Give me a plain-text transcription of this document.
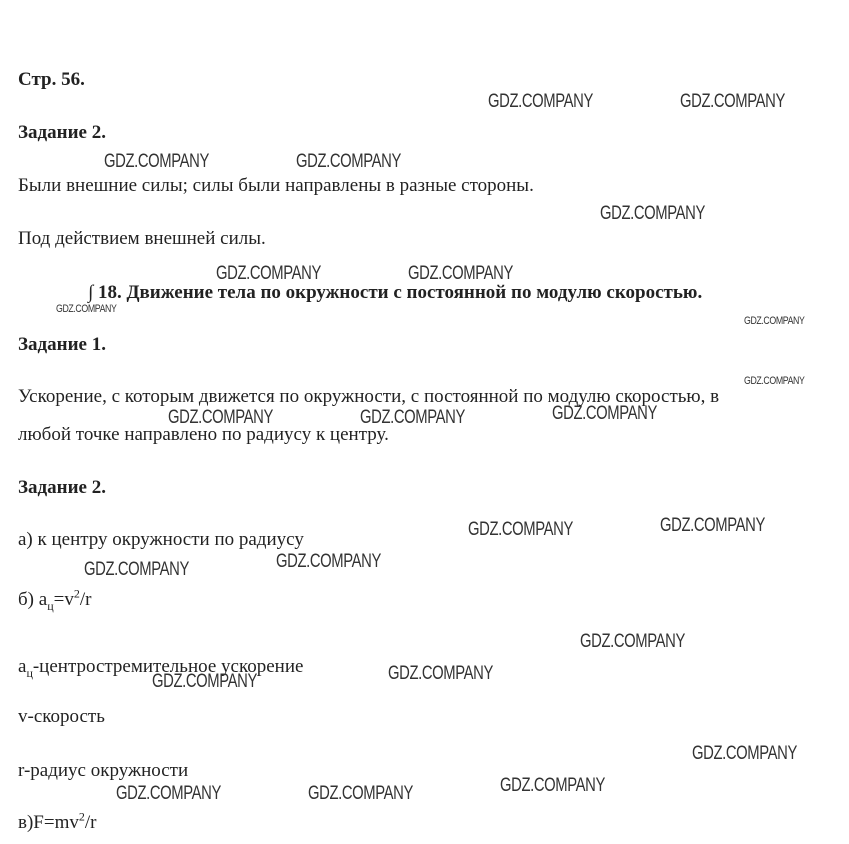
Стр. 56.
Задание 2.
Были внешние силы; силы были направлены в разные стороны.
Под действием внешней силы.
∫ 18. Движение тела по окружности с постоянной по модулю скоростью.
Задание 1.
Ускорение, с которым движется по окружности, с постоянной по модулю скоростью, в
любой точке направлено по радиусу к центру.
Задание 2.
а) к центру окружности по радиусу
б) $a_ц=v^2/r$
$a_ц$-центростремительное ускорение
v-скорость
r-радиус окружности
$в)F=mv^2/r$
GDZ.COMPANY	GDZ.COMPANY
GDZ.COMPANY	GDZ.COMPANY
GDZ.COMPANY
GDZ.COMPANY	GDZ.COMPANY
GDZ.COMPANY
GDZ.COMPANY
GDZ.COMPANY
GDZ.COMPANY	GDZ.COMPANY	GDZ.COMPANY
GDZ.COMPANY	GDZ.COMPANY
GDZ.COMPANY
GDZ.COMPANY
GDZ.COMPANY
GDZ.COMPANY
GDZ.COMPANY
GDZ.COMPANY
GDZ.COMPANY
GDZ.COMPANY	GDZ.COMPANY
